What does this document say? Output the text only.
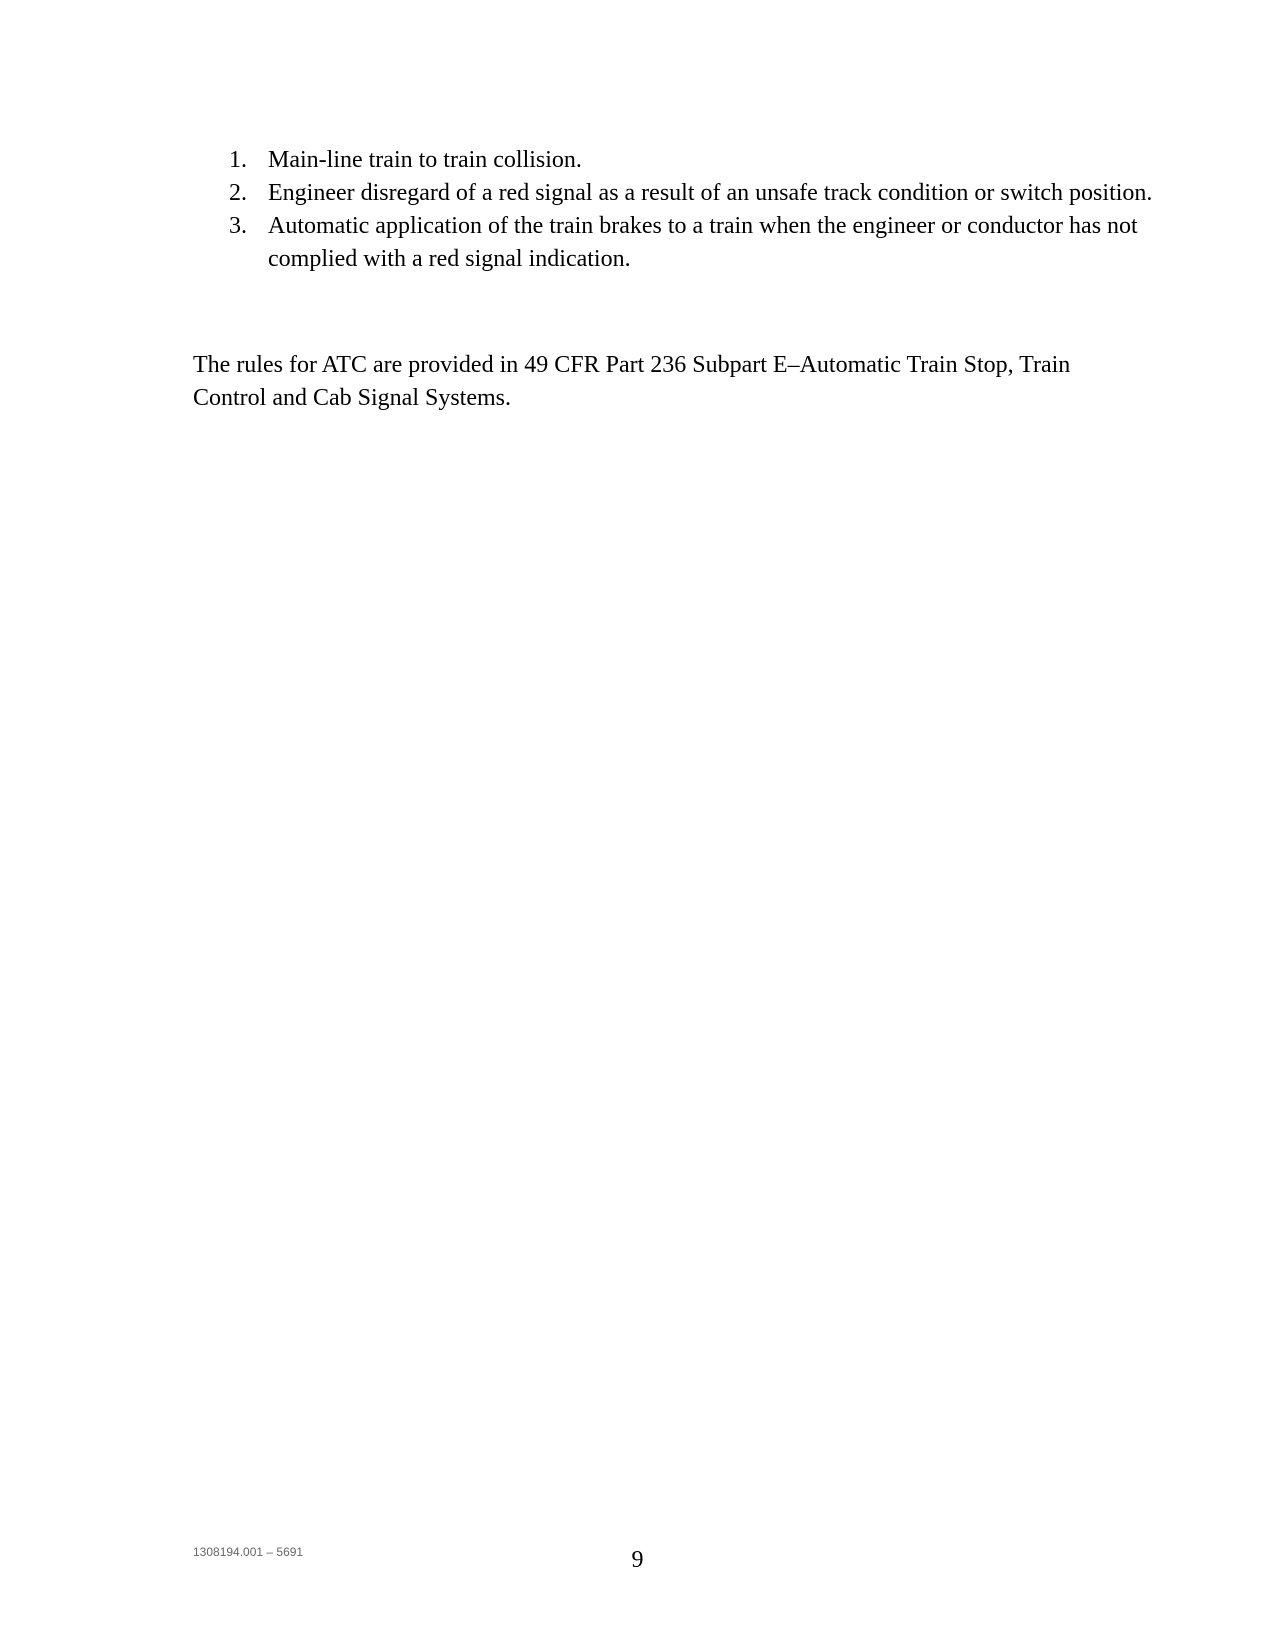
1. Main-line train to train collision.
2. Engineer disregard of a red signal as a result of an unsafe track condition or switch position.
3. Automatic application of the train brakes to a train when the engineer or conductor has not complied with a red signal indication.

The rules for ATC are provided in 49 CFR Part 236 Subpart E–Automatic Train Stop, Train Control and Cab Signal Systems.

1308194.001 – 5691	9
